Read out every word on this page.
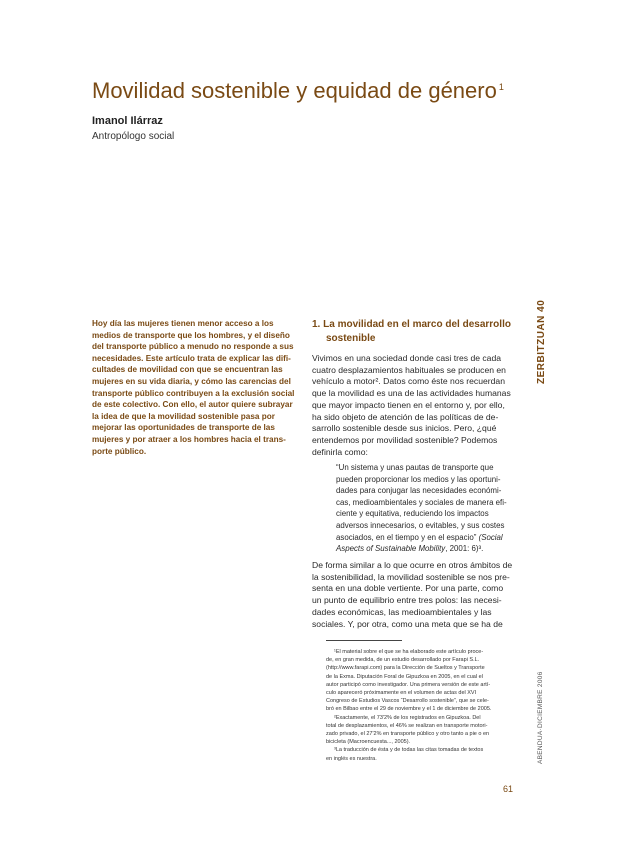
Movilidad sostenible y equidad de género $^1$
Imanol Ilárraz
Antropólogo social
Hoy día las mujeres tienen menor acceso a los
medios de transporte que los hombres, y el diseño
del transporte público a menudo no responde a sus
necesidades. Este artículo trata de explicar las difi-
cultades de movilidad con que se encuentran las
mujeres en su vida diaria, y cómo las carencias del
transporte público contribuyen a la exclusión social
de este colectivo. Con ello, el autor quiere subrayar
la idea de que la movilidad sostenible pasa por
mejorar las oportunidades de transporte de las
mujeres y por atraer a los hombres hacia el trans-
porte público.
1. La movilidad en el marco del desarrollo
sostenible
Vivimos en una sociedad donde casi tres de cada
cuatro desplazamientos habituales se producen en
vehículo a motor². Datos como éste nos recuerdan
que la movilidad es una de las actividades humanas
que mayor impacto tienen en el entorno y, por ello,
ha sido objeto de atención de las políticas de de-
sarrollo sostenible desde sus inicios. Pero, ¿qué
entendemos por movilidad sostenible? Podemos
definirla como:
“Un sistema y unas pautas de transporte que
pueden proporcionar los medios y las oportuni-
dades para conjugar las necesidades económi-
cas, medioambientales y sociales de manera efi-
ciente y equitativa, reduciendo los impactos
adversos innecesarios, o evitables, y sus costes
asociados, en el tiempo y en el espacio” (Social
Aspects of Sustainable Mobility, 2001: 6)³.
De forma similar a lo que ocurre en otros ámbitos de
la sostenibilidad, la movilidad sostenible se nos pre-
senta en una doble vertiente. Por una parte, como
un punto de equilibrio entre tres polos: las necesi-
dades económicas, las medioambientales y las
sociales. Y, por otra, como una meta que se ha de
¹El material sobre el que se ha elaborado este artículo proce-
de, en gran medida, de un estudio desarrollado por Farapi S.L.
(http://www.farapi.com) para la Dirección de Sueltos y Transporte
de la Exma. Diputación Foral de Gipuzkoa en 2005, en el cual el
autor participó como investigador. Una primera versión de este artí-
culo apareceró próximamente en el volumen de actas del XVI
Congreso de Estudios Vascos “Desarrollo sostenible”, que se cele-
bró en Bilbao entre el 29 de noviembre y el 1 de diciembre de 2005.
²Exactamente, el 73'2% de los registrados en Gipuzkoa. Del
total de desplazamientos, el 46% se realizan en transporte motori-
zado privado, el 27'2% en transporte público y otro tanto a pie o en
bicicleta (Macroencuesta..., 2005).
³La traducción de ésta y de todas las citas tomadas de textos
en inglés es nuestra.
ZERBITZUAN 40
ABENDUA·DICIEMBRE 2006
61
